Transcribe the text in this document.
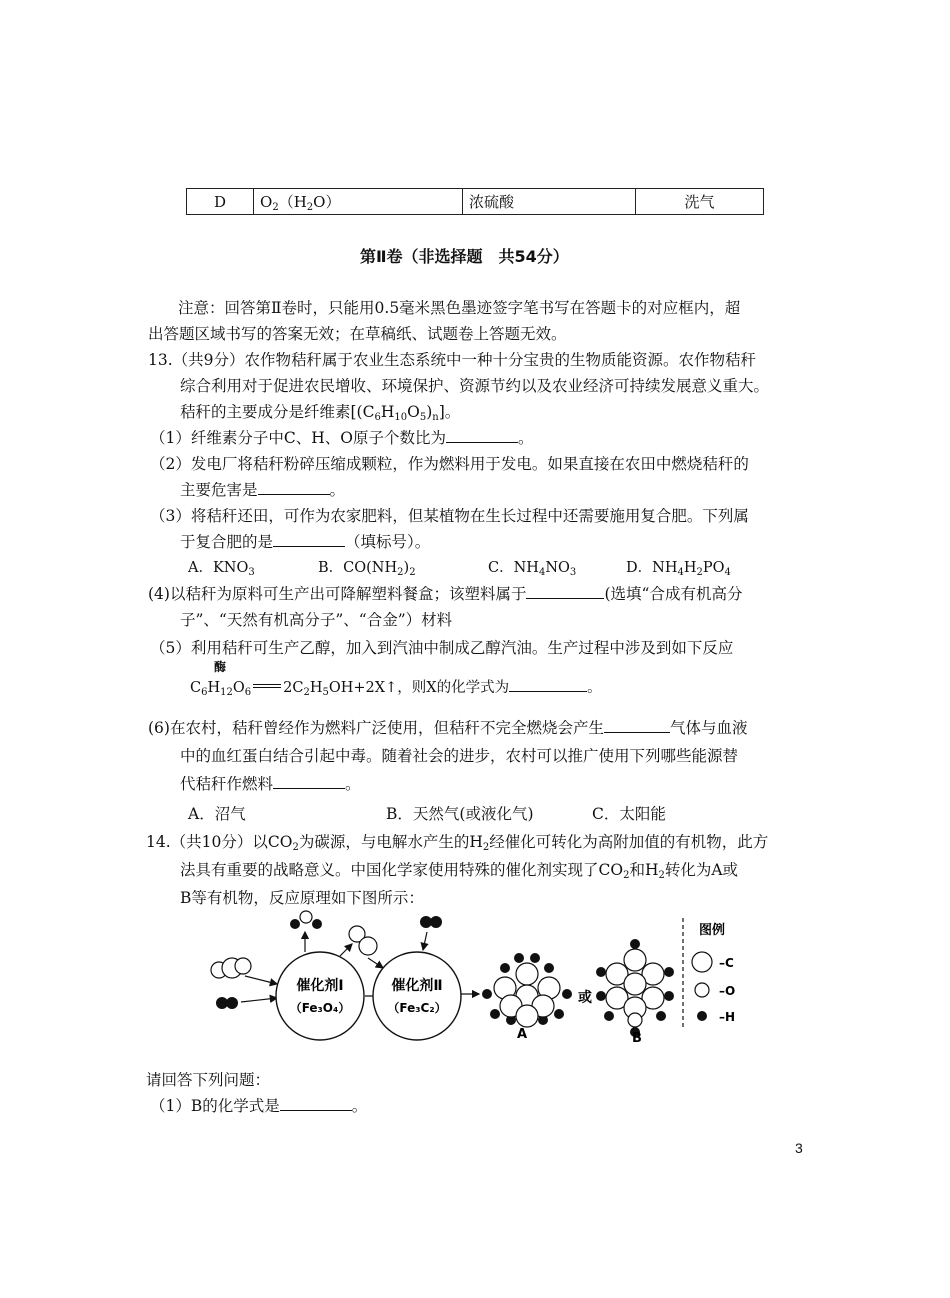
D	$O_2(H_2O)$	浓硫酸	洗气
第Ⅱ卷（非选择题　共54分）
注意：回答第Ⅱ卷时，只能用0.5毫米黑色墨迹签字笔书写在答题卡的对应框内，超
出答题区域书写的答案无效；在草稿纸、试题卷上答题无效。
13.（共9分）农作物秸秆属于农业生态系统中一种十分宝贵的生物质能资源。农作物秸秆
综合利用对于促进农民增收、环境保护、资源节约以及农业经济可持续发展意义重大。
秸秆的主要成分是纤维素$[(C_6H_{10}O_5)_n]$。
（1）纤维素分子中C、H、O原子个数比为	。
（2）发电厂将秸秆粉碎压缩成颗粒，作为燃料用于发电。如果直接在农田中燃烧秸秆的
主要危害是	。
（3）将秸秆还田，可作为农家肥料，但某植物在生长过程中还需要施用复合肥。下列属
于复合肥的是	（填标号）。
A．$KNO_3$	B．$CO(NH_2)_2$	C．$NH_4NO_3$	D．$NH_4H_2PO_4$
(4)以秸秆为原料可生产出可降解塑料餐盒；该塑料属于	(选填“合成有机高分
子”、“天然有机高分子”、“合金”）材料
（5）利用秸秆可生产乙醇，加入到汽油中制成乙醇汽油。生产过程中涉及到如下反应
酶
$C_6H_{12}O_6$ $2C_2H_5OH+2X↑$，则X的化学式为	。
(6)在农村，秸秆曾经作为燃料广泛使用，但秸秆不完全燃烧会产生	气体与血液
中的血红蛋白结合引起中毒。随着社会的进步，农村可以推广使用下列哪些能源替
代秸秆作燃料	。
A．沼气	B．天然气(或液化气)	C．太阳能
14.（共10分）以$CO_2$为碳源，与电解水产生的$H_2$经催化可转化为高附加值的有机物，此方
法具有重要的战略意义。中国化学家使用特殊的催化剂实现了$CO_2$和$H_2$转化为A或
B等有机物，反应原理如下图所示：
催化剂Ⅰ
（Fe₃O₄）
催化剂Ⅱ
（Fe₃C₂）
或
A	B
图例
–C
–O
–H
请回答下列问题：
（1）B的化学式是	。
3
